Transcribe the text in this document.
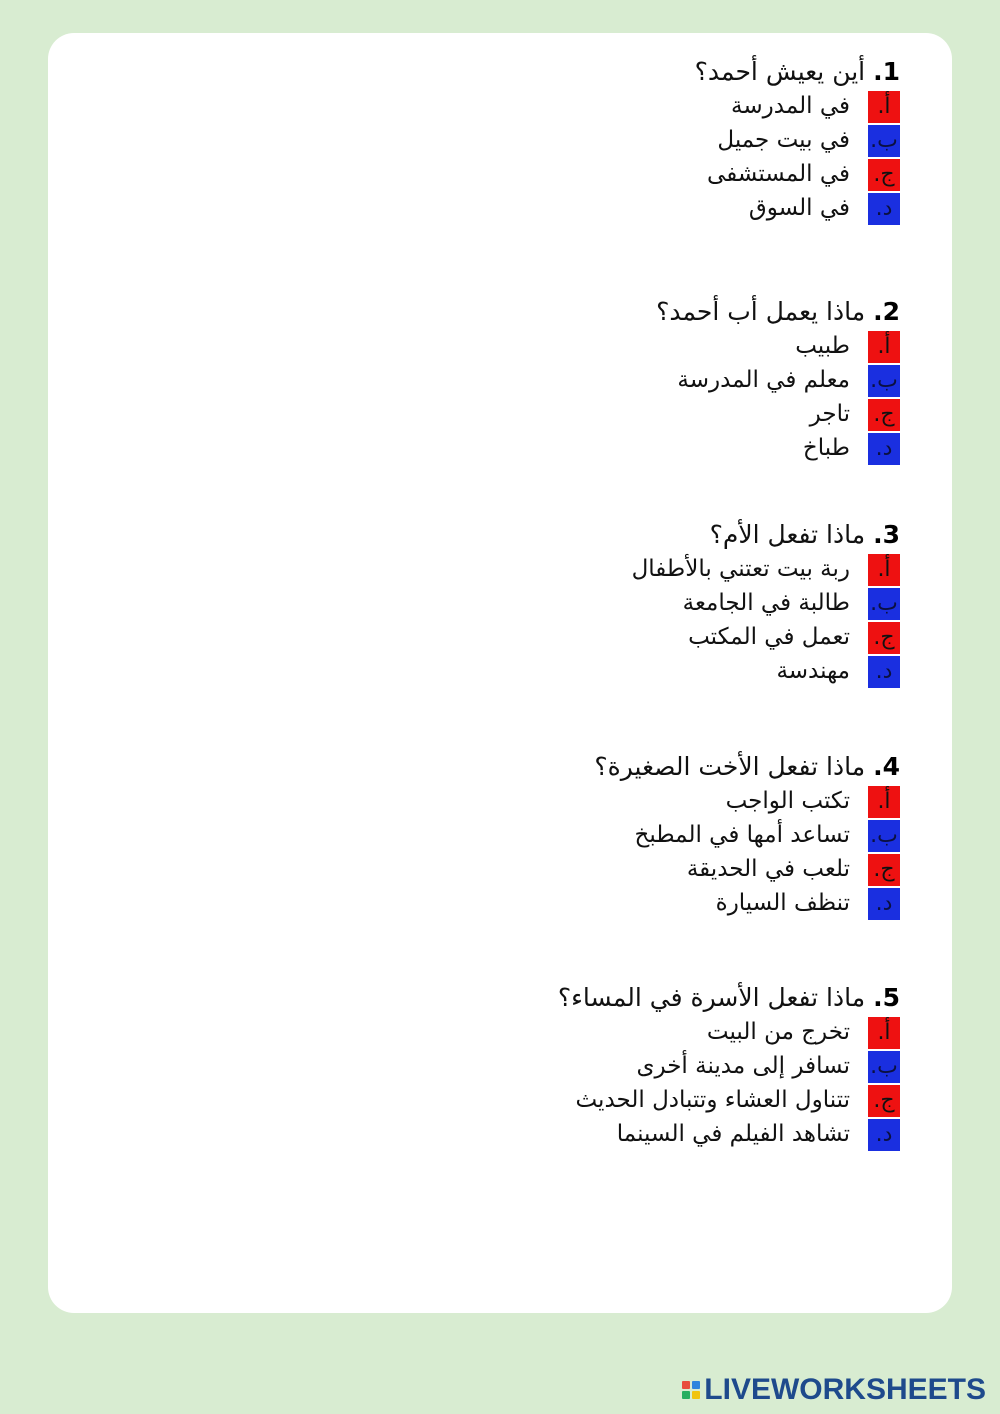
1. أين يعيش أحمد؟
أ.
في المدرسة
ب.
في بيت جميل
ج.
في المستشفى
د.
في السوق
2. ماذا يعمل أب أحمد؟
أ.
طبيب
ب.
معلم في المدرسة
ج.
تاجر
د.
طباخ
3. ماذا تفعل الأم؟
أ.
ربة بيت تعتني بالأطفال
ب.
طالبة في الجامعة
ج.
تعمل في المكتب
د.
مهندسة
4. ماذا تفعل الأخت الصغيرة؟
أ.
تكتب الواجب
ب.
تساعد أمها في المطبخ
ج.
تلعب في الحديقة
د.
تنظف السيارة
5. ماذا تفعل الأسرة في المساء؟
أ.
تخرج من البيت
ب.
تسافر إلى مدينة أخرى
ج.
تتناول العشاء وتتبادل الحديث
د.
تشاهد الفيلم في السينما
LIVEWORKSHEETS
